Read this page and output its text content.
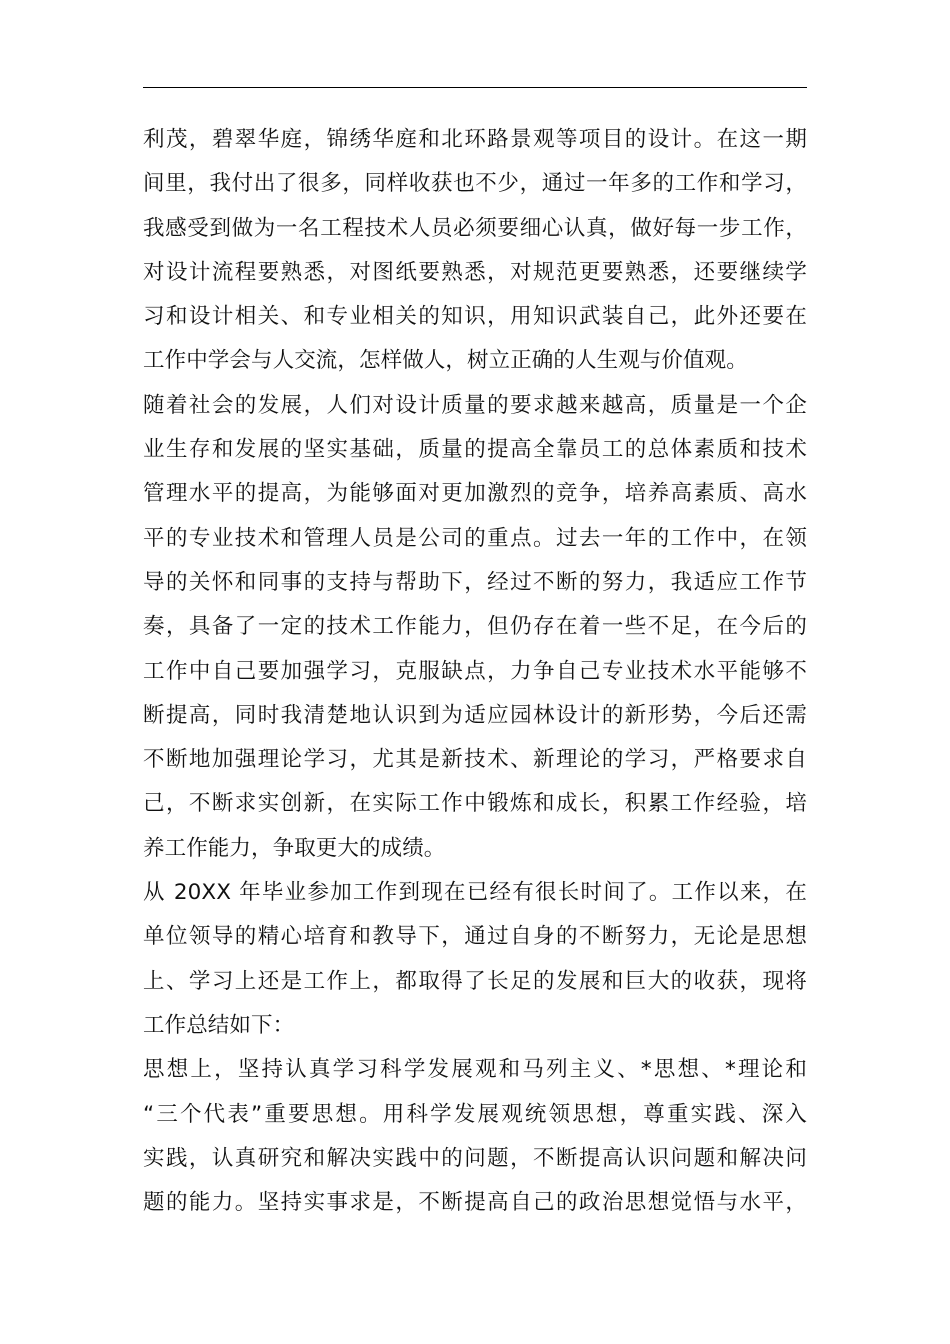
利茂，碧翠华庭，锦绣华庭和北环路景观等项目的设计。在这一期
间里，我付出了很多，同样收获也不少，通过一年多的工作和学习，
我感受到做为一名工程技术人员必须要细心认真，做好每一步工作，
对设计流程要熟悉，对图纸要熟悉，对规范更要熟悉，还要继续学
习和设计相关、和专业相关的知识，用知识武装自己，此外还要在
工作中学会与人交流，怎样做人，树立正确的人生观与价值观。
随着社会的发展，人们对设计质量的要求越来越高，质量是一个企
业生存和发展的坚实基础，质量的提高全靠员工的总体素质和技术
管理水平的提高，为能够面对更加激烈的竞争，培养高素质、高水
平的专业技术和管理人员是公司的重点。过去一年的工作中，在领
导的关怀和同事的支持与帮助下，经过不断的努力，我适应工作节
奏，具备了一定的技术工作能力，但仍存在着一些不足，在今后的
工作中自己要加强学习，克服缺点，力争自己专业技术水平能够不
断提高，同时我清楚地认识到为适应园林设计的新形势，今后还需
不断地加强理论学习，尤其是新技术、新理论的学习，严格要求自
己，不断求实创新，在实际工作中锻炼和成长，积累工作经验，培
养工作能力，争取更大的成绩。
从 20XX 年毕业参加工作到现在已经有很长时间了。工作以来，在
单位领导的精心培育和教导下，通过自身的不断努力，无论是思想
上、学习上还是工作上，都取得了长足的发展和巨大的收获，现将
工作总结如下：
思想上，坚持认真学习科学发展观和马列主义、*思想、*理论和
“三个代表”重要思想。用科学发展观统领思想，尊重实践、深入
实践，认真研究和解决实践中的问题，不断提高认识问题和解决问
题的能力。坚持实事求是，不断提高自己的政治思想觉悟与水平，
